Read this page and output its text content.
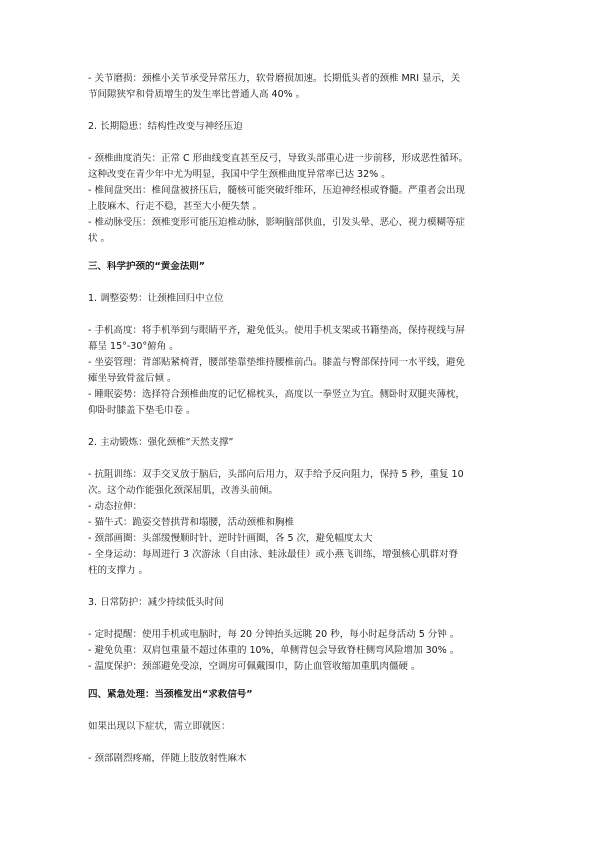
- 关节磨损：颈椎小关节承受异常压力，软骨磨损加速。长期低头者的颈椎 MRI 显示，关
节间隙狭窄和骨质增生的发生率比普通人高 40% 。
2. 长期隐患：结构性改变与神经压迫
- 颈椎曲度消失：正常 C 形曲线变直甚至反弓，导致头部重心进一步前移，形成恶性循环。
这种改变在青少年中尤为明显，我国中学生颈椎曲度异常率已达 32% 。
- 椎间盘突出：椎间盘被挤压后，髓核可能突破纤维环，压迫神经根或脊髓。严重者会出现
上肢麻木、行走不稳，甚至大小便失禁 。
- 椎动脉受压：颈椎变形可能压迫椎动脉，影响脑部供血，引发头晕、恶心、视力模糊等症
状 。
三、科学护颈的“黄金法则”
1. 调整姿势：让颈椎回归中立位
- 手机高度：将手机举到与眼睛平齐，避免低头。使用手机支架或书籍垫高，保持视线与屏
幕呈 15°-30°俯角 。
- 坐姿管理：背部贴紧椅背，腰部垫靠垫维持腰椎前凸。膝盖与臀部保持同一水平线，避免
瘫坐导致骨盆后倾 。
- 睡眠姿势：选择符合颈椎曲度的记忆棉枕头，高度以一拳竖立为宜。侧卧时双腿夹薄枕，
仰卧时膝盖下垫毛巾卷 。
2. 主动锻炼：强化颈椎“天然支撑”
- 抗阻训练：双手交叉放于脑后，头部向后用力，双手给予反向阻力，保持 5 秒，重复 10
次。这个动作能强化颈深屈肌，改善头前倾。
- 动态拉伸：
- 猫牛式：跪姿交替拱背和塌腰，活动颈椎和胸椎
- 颈部画圈：头部缓慢顺时针、逆时针画圈，各 5 次，避免幅度太大
- 全身运动：每周进行 3 次游泳（自由泳、蛙泳最佳）或小燕飞训练，增强核心肌群对脊
柱的支撑力 。
3. 日常防护：减少持续低头时间
- 定时提醒：使用手机或电脑时，每 20 分钟抬头远眺 20 秒，每小时起身活动 5 分钟 。
- 避免负重：双肩包重量不超过体重的 10%，单侧背包会导致脊柱侧弯风险增加 30% 。
- 温度保护：颈部避免受凉，空调房可佩戴围巾，防止血管收缩加重肌肉僵硬 。
四、紧急处理：当颈椎发出“求救信号”
如果出现以下症状，需立即就医：
- 颈部剧烈疼痛，伴随上肢放射性麻木
